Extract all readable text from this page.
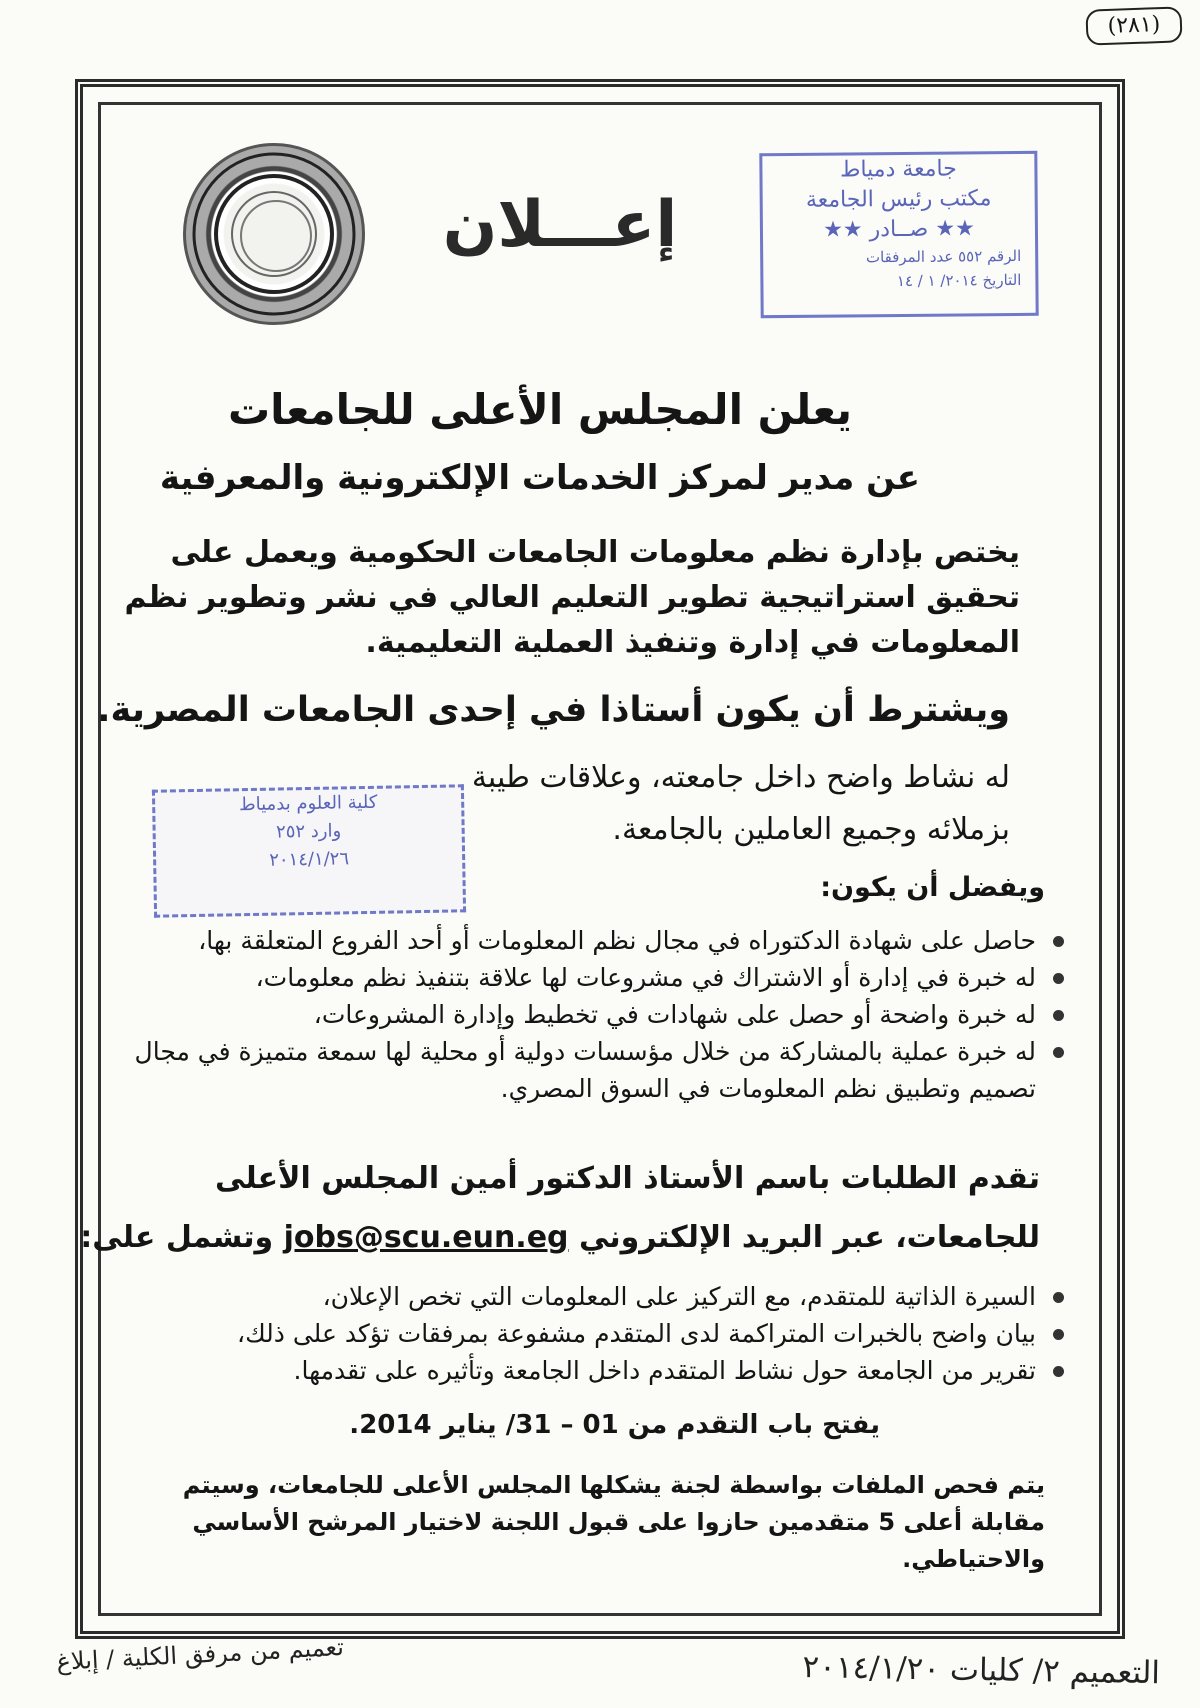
(٢٨١)
إعـــلان
جامعة دمياط
مكتب رئيس الجامعة
★★ صــادر ★★
الرقم ٥٥٢ عدد المرفقات
التاريخ ٢٠١٤/ ١ / ١٤
كلية العلوم بدمياط
وارد ٢٥٢
٢٠١٤/١/٢٦
يعلن المجلس الأعلى للجامعات
عن مدير لمركز الخدمات الإلكترونية والمعرفية
يختص بإدارة نظم معلومات الجامعات الحكومية ويعمل على تحقيق استراتيجية تطوير التعليم العالي في نشر وتطوير نظم المعلومات في إدارة وتنفيذ العملية التعليمية.
ويشترط أن يكون أستاذا في إحدى الجامعات المصرية.
له نشاط واضح داخل جامعته، وعلاقات طيبة بزملائه وجميع العاملين بالجامعة.
ويفضل أن يكون:
حاصل على شهادة الدكتوراه في مجال نظم المعلومات أو أحد الفروع المتعلقة بها،
له خبرة في إدارة أو الاشتراك في مشروعات لها علاقة بتنفيذ نظم معلومات،
له خبرة واضحة أو حصل على شهادات في تخطيط وإدارة المشروعات،
له خبرة عملية بالمشاركة من خلال مؤسسات دولية أو محلية لها سمعة متميزة في مجال تصميم وتطبيق نظم المعلومات في السوق المصري.
تقدم الطلبات باسم الأستاذ الدكتور أمين المجلس الأعلى
للجامعات، عبر البريد الإلكتروني jobs@scu.eun.eg وتشمل على:
السيرة الذاتية للمتقدم، مع التركيز على المعلومات التي تخص الإعلان،
بيان واضح بالخبرات المتراكمة لدى المتقدم مشفوعة بمرفقات تؤكد على ذلك،
تقرير من الجامعة حول نشاط المتقدم داخل الجامعة وتأثيره على تقدمها.
يفتح باب التقدم من 01 – 31/ يناير 2014.
يتم فحص الملفات بواسطة لجنة يشكلها المجلس الأعلى للجامعات، وسيتم مقابلة أعلى 5 متقدمين حازوا على قبول اللجنة لاختيار المرشح الأساسي والاحتياطي.
تعميم من مرفق الكلية / إبلاغ	التعميم ٢/ كليات ٢٠١٤/١/٢٠
